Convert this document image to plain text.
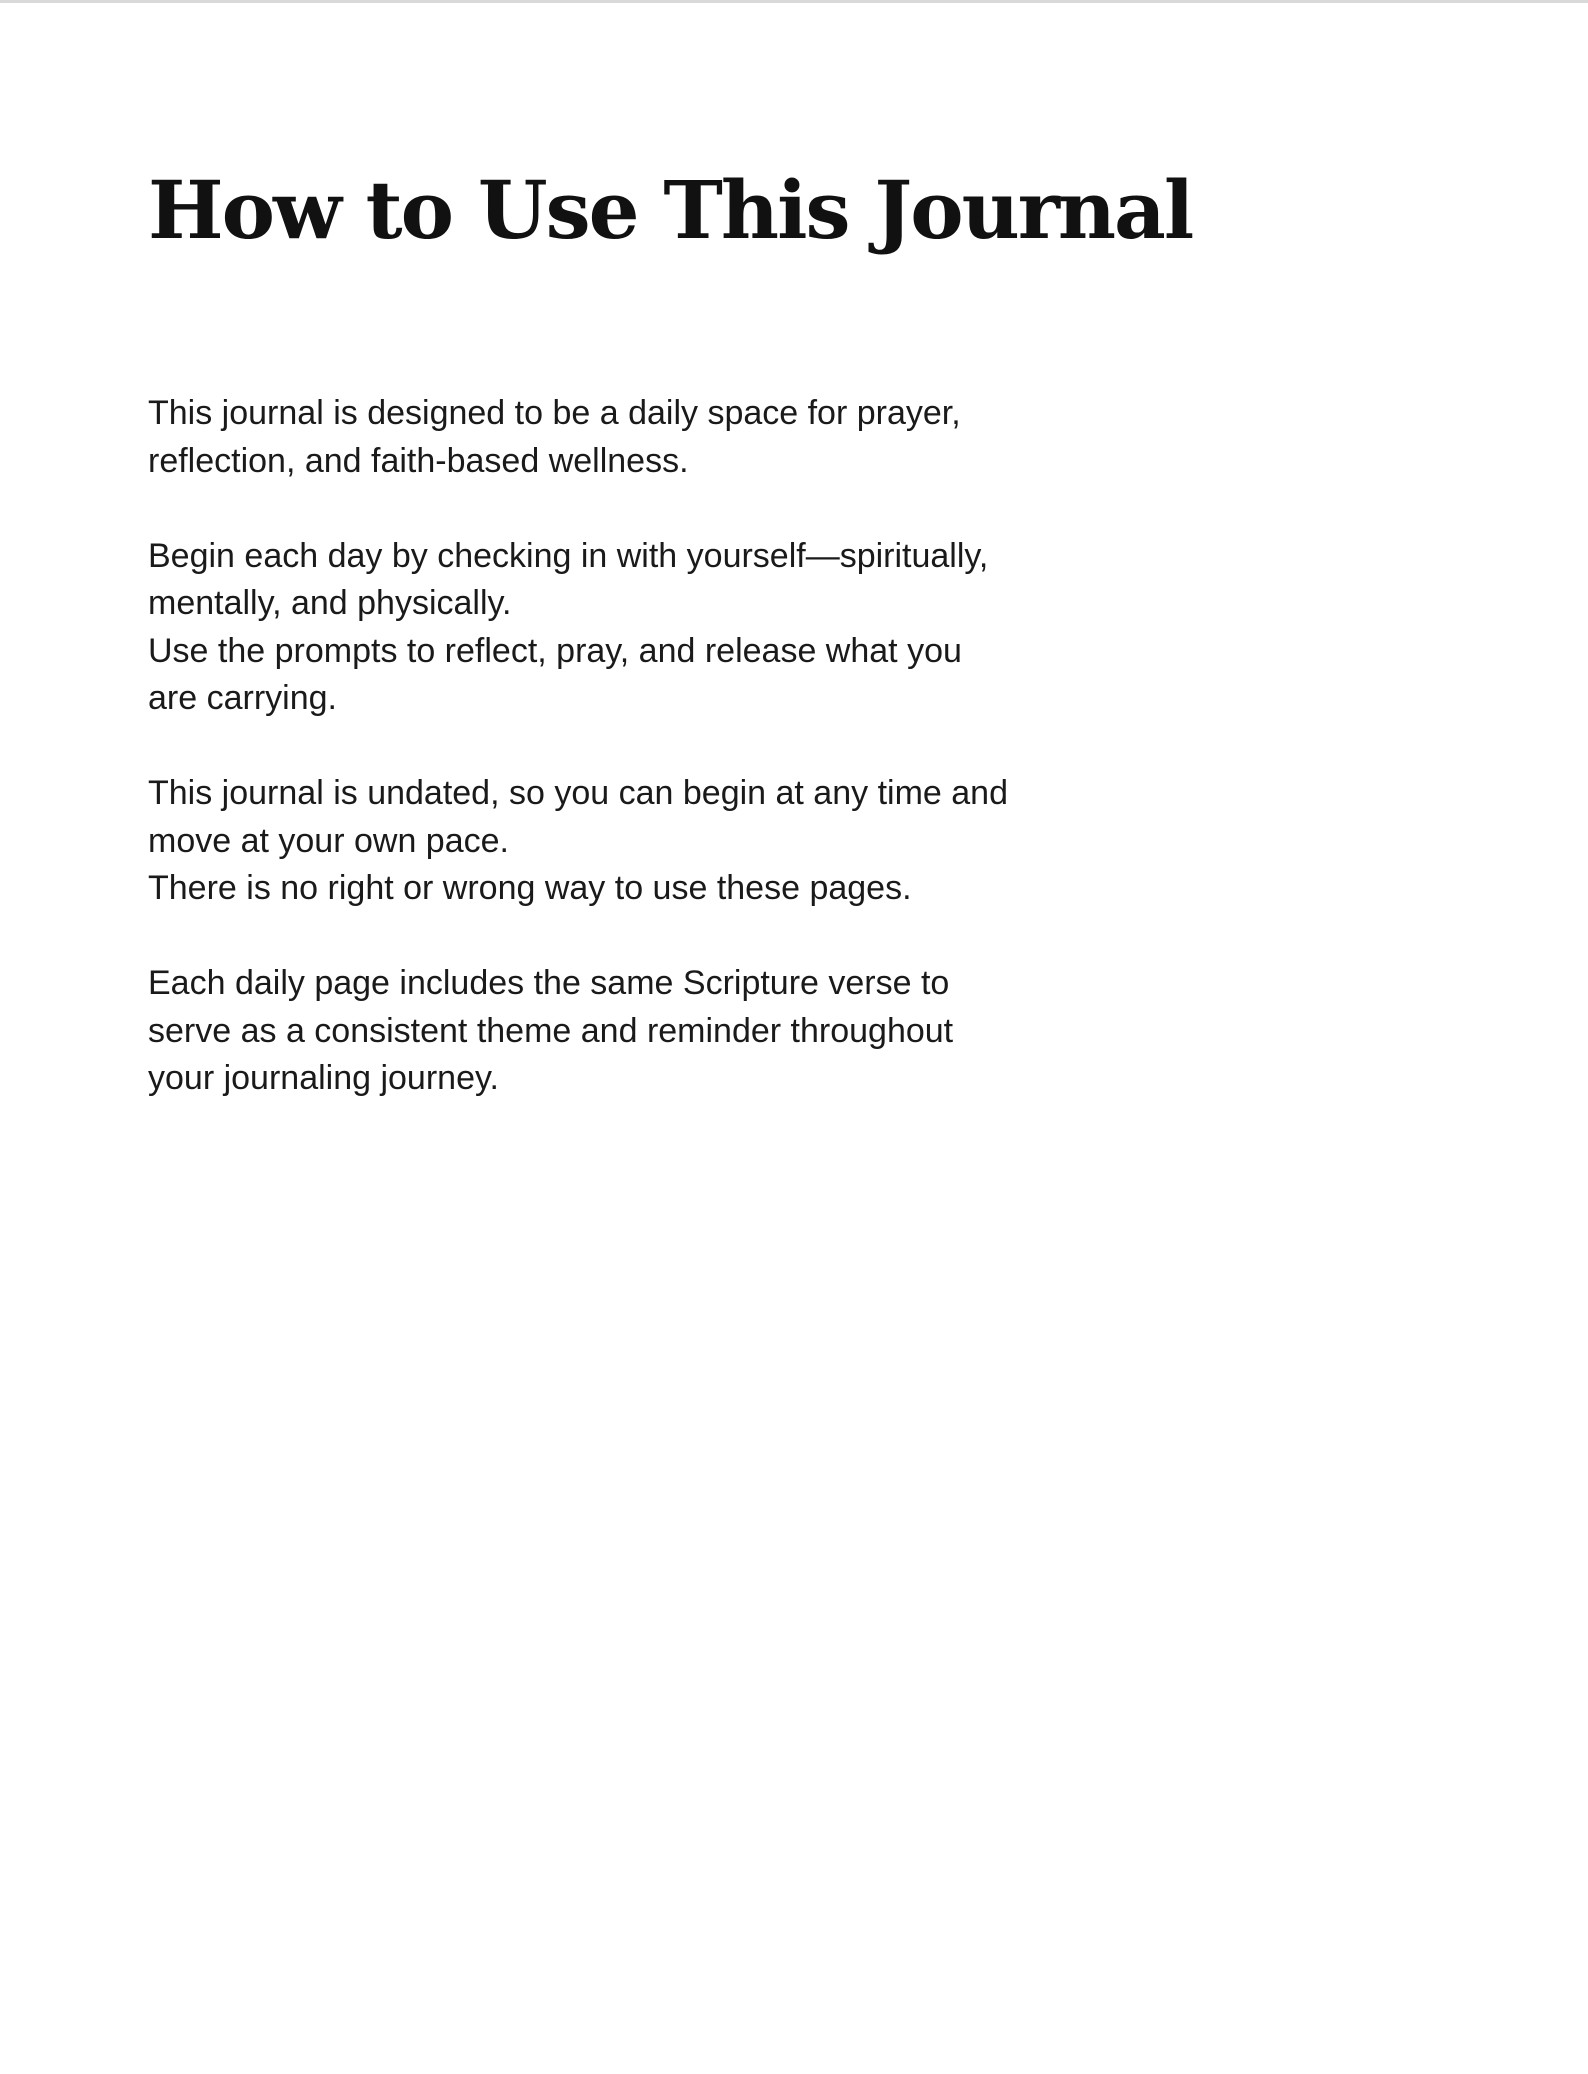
How to Use This Journal

This journal is designed to be a daily space for prayer,
reflection, and faith-based wellness.

Begin each day by checking in with yourself—spiritually,
mentally, and physically.
Use the prompts to reflect, pray, and release what you
are carrying.

This journal is undated, so you can begin at any time and
move at your own pace.
There is no right or wrong way to use these pages.

Each daily page includes the same Scripture verse to
serve as a consistent theme and reminder throughout
your journaling journey.
